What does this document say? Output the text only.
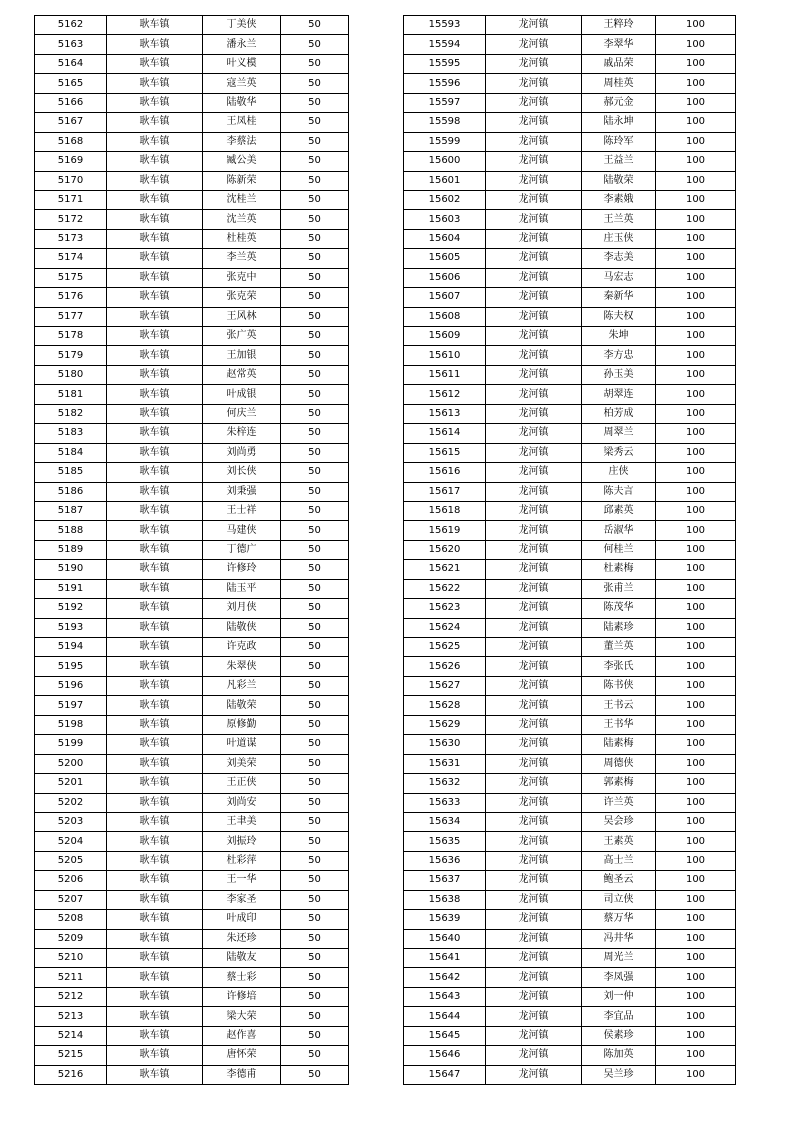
5162	耿车镇	丁美侠	50
5163	耿车镇	潘永兰	50
5164	耿车镇	叶义模	50
5165	耿车镇	寇兰英	50
5166	耿车镇	陆敬华	50
5167	耿车镇	王凤桂	50
5168	耿车镇	李蔡法	50
5169	耿车镇	臧公美	50
5170	耿车镇	陈新荣	50
5171	耿车镇	沈桂兰	50
5172	耿车镇	沈兰英	50
5173	耿车镇	杜桂英	50
5174	耿车镇	李兰英	50
5175	耿车镇	张克中	50
5176	耿车镇	张克荣	50
5177	耿车镇	王风林	50
5178	耿车镇	张广英	50
5179	耿车镇	王加银	50
5180	耿车镇	赵常英	50
5181	耿车镇	叶成银	50
5182	耿车镇	何庆兰	50
5183	耿车镇	朱梓连	50
5184	耿车镇	刘尚勇	50
5185	耿车镇	刘长侠	50
5186	耿车镇	刘秉强	50
5187	耿车镇	王士祥	50
5188	耿车镇	马建侠	50
5189	耿车镇	丁德广	50
5190	耿车镇	许修玲	50
5191	耿车镇	陆玉平	50
5192	耿车镇	刘月侠	50
5193	耿车镇	陆敬侠	50
5194	耿车镇	许克政	50
5195	耿车镇	朱翠侠	50
5196	耿车镇	凡彩兰	50
5197	耿车镇	陆敬荣	50
5198	耿车镇	原修勤	50
5199	耿车镇	叶道谋	50
5200	耿车镇	刘美荣	50
5201	耿车镇	王正侠	50
5202	耿车镇	刘尚安	50
5203	耿车镇	王聿美	50
5204	耿车镇	刘振玲	50
5205	耿车镇	杜彩萍	50
5206	耿车镇	王一华	50
5207	耿车镇	李家圣	50
5208	耿车镇	叶成印	50
5209	耿车镇	朱还珍	50
5210	耿车镇	陆敬友	50
5211	耿车镇	蔡士彩	50
5212	耿车镇	许修培	50
5213	耿车镇	梁大荣	50
5214	耿车镇	赵作喜	50
5215	耿车镇	唐怀荣	50
5216	耿车镇	李德甫	50
15593	龙河镇	王粹玲	100
15594	龙河镇	李翠华	100
15595	龙河镇	戚品荣	100
15596	龙河镇	周桂英	100
15597	龙河镇	郝元金	100
15598	龙河镇	陆永坤	100
15599	龙河镇	陈玲军	100
15600	龙河镇	王益兰	100
15601	龙河镇	陆敬荣	100
15602	龙河镇	李素娥	100
15603	龙河镇	王兰英	100
15604	龙河镇	庄玉侠	100
15605	龙河镇	李志美	100
15606	龙河镇	马宏志	100
15607	龙河镇	秦新华	100
15608	龙河镇	陈夫权	100
15609	龙河镇	朱坤	100
15610	龙河镇	李方忠	100
15611	龙河镇	孙玉美	100
15612	龙河镇	胡翠连	100
15613	龙河镇	柏芳成	100
15614	龙河镇	周翠兰	100
15615	龙河镇	梁秀云	100
15616	龙河镇	庄侠	100
15617	龙河镇	陈夫言	100
15618	龙河镇	邱素英	100
15619	龙河镇	岳淑华	100
15620	龙河镇	何桂兰	100
15621	龙河镇	杜素梅	100
15622	龙河镇	张甫兰	100
15623	龙河镇	陈茂华	100
15624	龙河镇	陆素珍	100
15625	龙河镇	董兰英	100
15626	龙河镇	李张氏	100
15627	龙河镇	陈书侠	100
15628	龙河镇	王书云	100
15629	龙河镇	王书华	100
15630	龙河镇	陆素梅	100
15631	龙河镇	周德侠	100
15632	龙河镇	郭素梅	100
15633	龙河镇	许兰英	100
15634	龙河镇	吴会珍	100
15635	龙河镇	王素英	100
15636	龙河镇	高士兰	100
15637	龙河镇	鲍圣云	100
15638	龙河镇	司立侠	100
15639	龙河镇	蔡万华	100
15640	龙河镇	冯井华	100
15641	龙河镇	周光兰	100
15642	龙河镇	李凤强	100
15643	龙河镇	刘一仲	100
15644	龙河镇	李宜品	100
15645	龙河镇	侯素珍	100
15646	龙河镇	陈加英	100
15647	龙河镇	吴兰珍	100
